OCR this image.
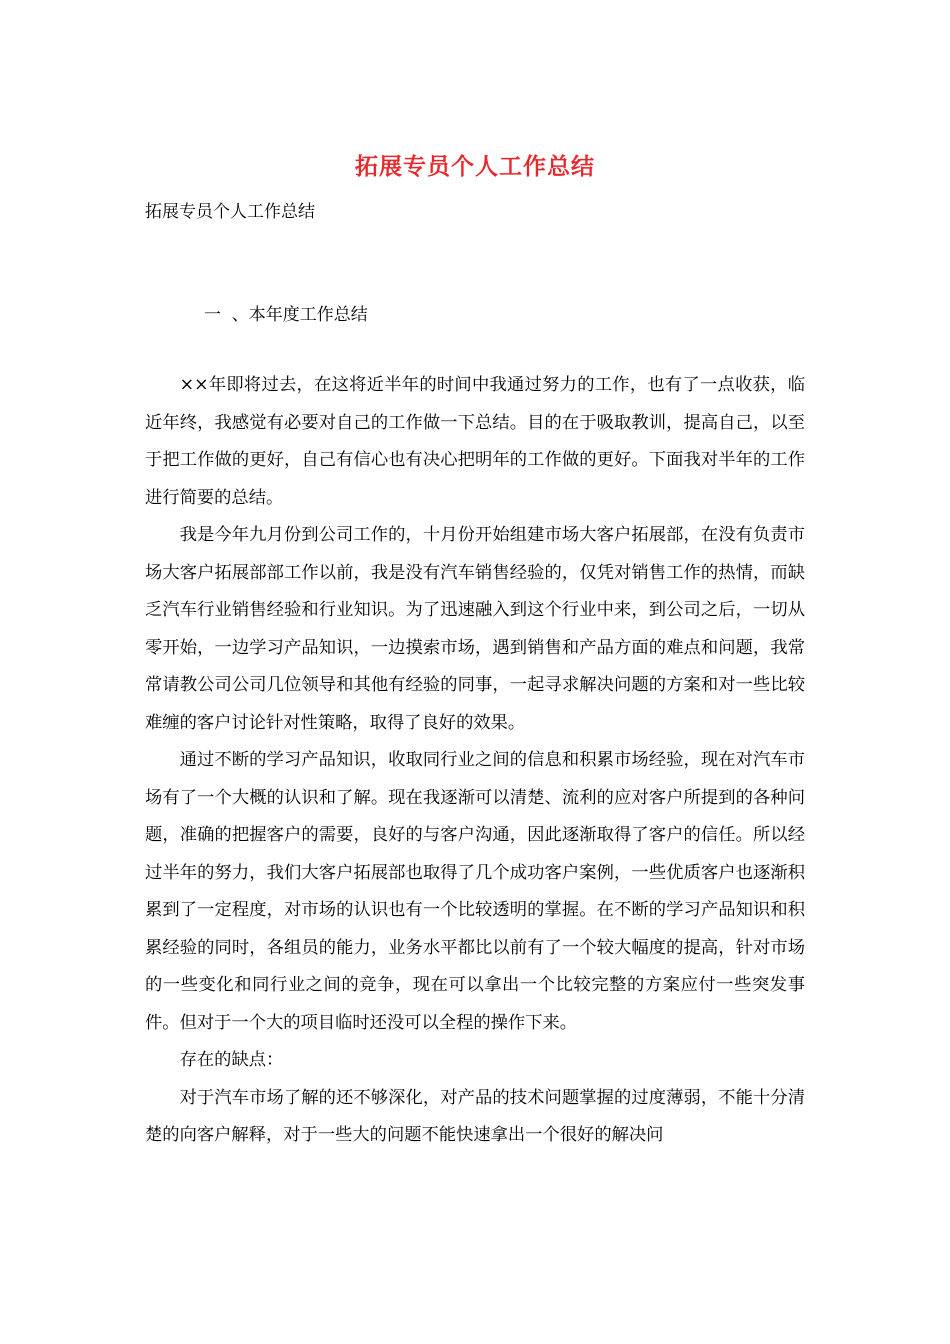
拓展专员个人工作总结
拓展专员个人工作总结
一  、本年度工作总结

××年即将过去，在这将近半年的时间中我通过努力的工作，也有了一点收获，临近年终，我感觉有必要对自己的工作做一下总结。目的在于吸取教训，提高自己，以至于把工作做的更好，自己有信心也有决心把明年的工作做的更好。下面我对半年的工作进行简要的总结。

我是今年九月份到公司工作的，十月份开始组建市场大客户拓展部，在没有负责市场大客户拓展部部工作以前，我是没有汽车销售经验的，仅凭对销售工作的热情，而缺乏汽车行业销售经验和行业知识。为了迅速融入到这个行业中来，到公司之后，一切从零开始，一边学习产品知识，一边摸索市场，遇到销售和产品方面的难点和问题，我常常请教公司公司几位领导和其他有经验的同事，一起寻求解决问题的方案和对一些比较难缠的客户讨论针对性策略，取得了良好的效果。

通过不断的学习产品知识，收取同行业之间的信息和积累市场经验，现在对汽车市场有了一个大概的认识和了解。现在我逐渐可以清楚、流利的应对客户所提到的各种问题，准确的把握客户的需要，良好的与客户沟通，因此逐渐取得了客户的信任。所以经过半年的努力，我们大客户拓展部也取得了几个成功客户案例，一些优质客户也逐渐积累到了一定程度，对市场的认识也有一个比较透明的掌握。在不断的学习产品知识和积累经验的同时，各组员的能力，业务水平都比以前有了一个较大幅度的提高，针对市场的一些变化和同行业之间的竞争，现在可以拿出一个比较完整的方案应付一些突发事件。但对于一个大的项目临时还没可以全程的操作下来。

存在的缺点：

对于汽车市场了解的还不够深化，对产品的技术问题掌握的过度薄弱，不能十分清楚的向客户解释，对于一些大的问题不能快速拿出一个很好的解决问
